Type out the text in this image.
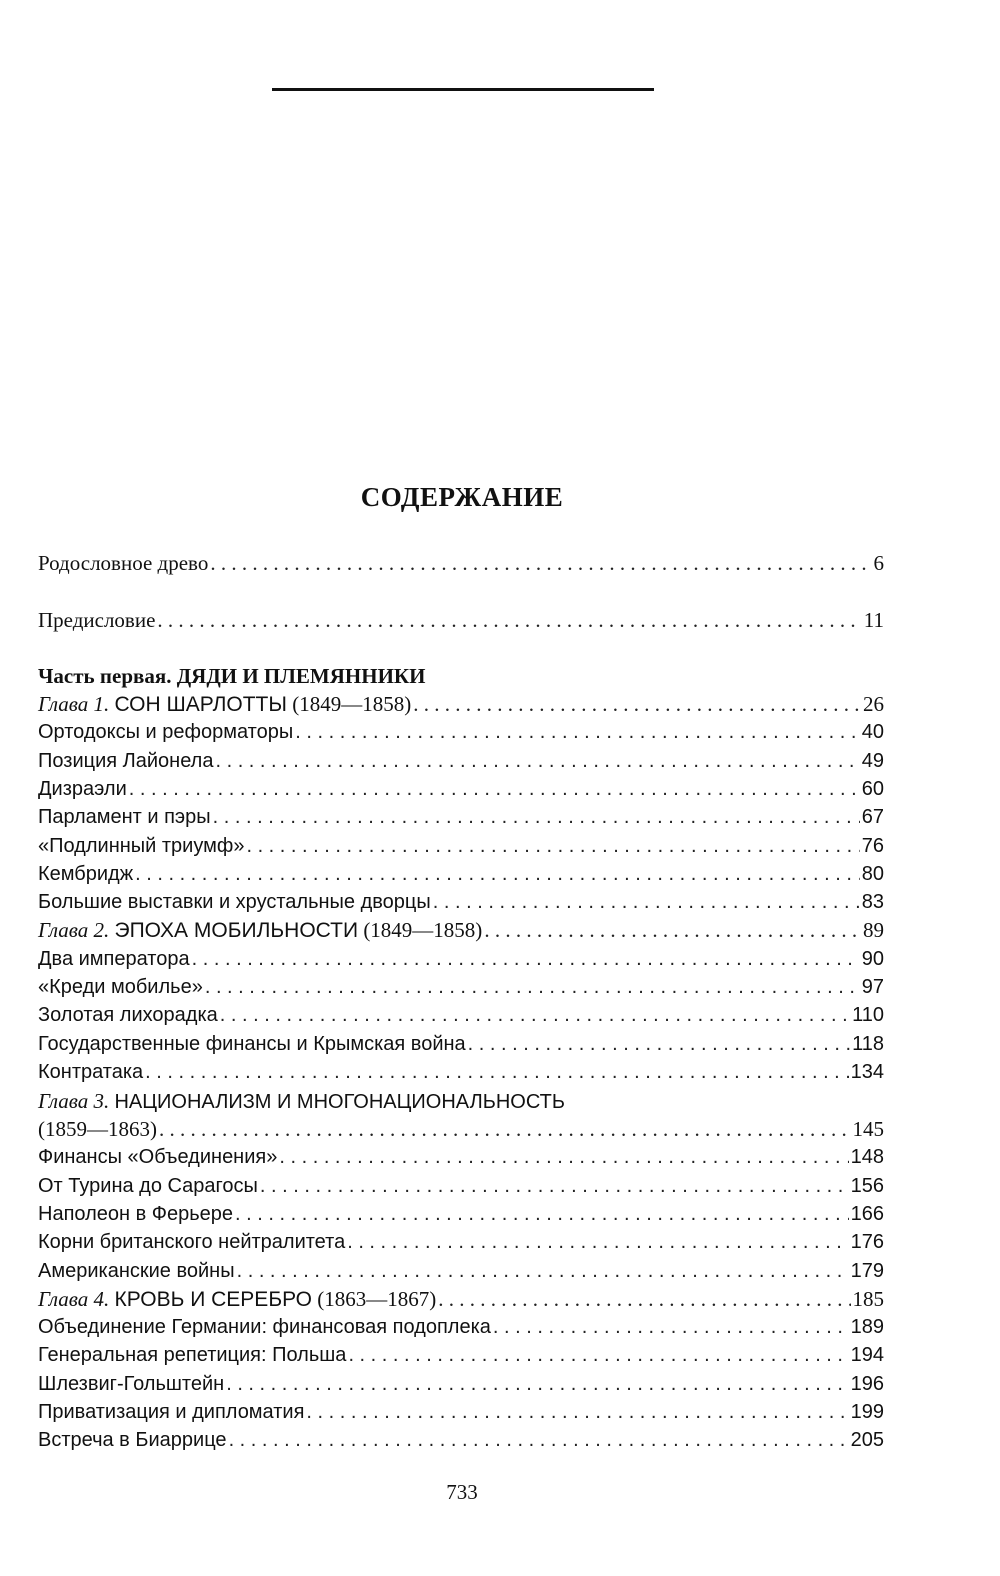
СОДЕРЖАНИЕ
Родословное древо . . .	6
Предисловие . . .	11
Часть первая. ДЯДИ И ПЛЕМЯННИКИ
Глава 1. СОН ШАРЛОТТЫ (1849—1858) . . .	26
Ортодоксы и реформаторы . . .	40
Позиция Лайонела . . .	49
Дизраэли . . .	60
Парламент и пэры . . .	67
«Подлинный триумф» . . .	76
Кембридж . . .	80
Большие выставки и хрустальные дворцы . . .	83
Глава 2. ЭПОХА МОБИЛЬНОСТИ (1849—1858) . . .	89
Два императора . . .	90
«Креди мобилье» . . .	97
Золотая лихорадка . . .	110
Государственные финансы и Крымская война . . .	118
Контратака . . .	134
Глава 3. НАЦИОНАЛИЗМ И МНОГОНАЦИОНАЛЬНОСТЬ
(1859—1863) . . .	145
Финансы «Объединения» . . .	148
От Турина до Сарагосы . . .	156
Наполеон в Ферьере . . .	166
Корни британского нейтралитета . . .	176
Американские войны . . .	179
Глава 4. КРОВЬ И СЕРЕБРО (1863—1867) . . .	185
Объединение Германии: финансовая подоплека . . .	189
Генеральная репетиция: Польша . . .	194
Шлезвиг-Гольштейн . . .	196
Приватизация и дипломатия . . .	199
Встреча в Биаррице . . .	205
733
